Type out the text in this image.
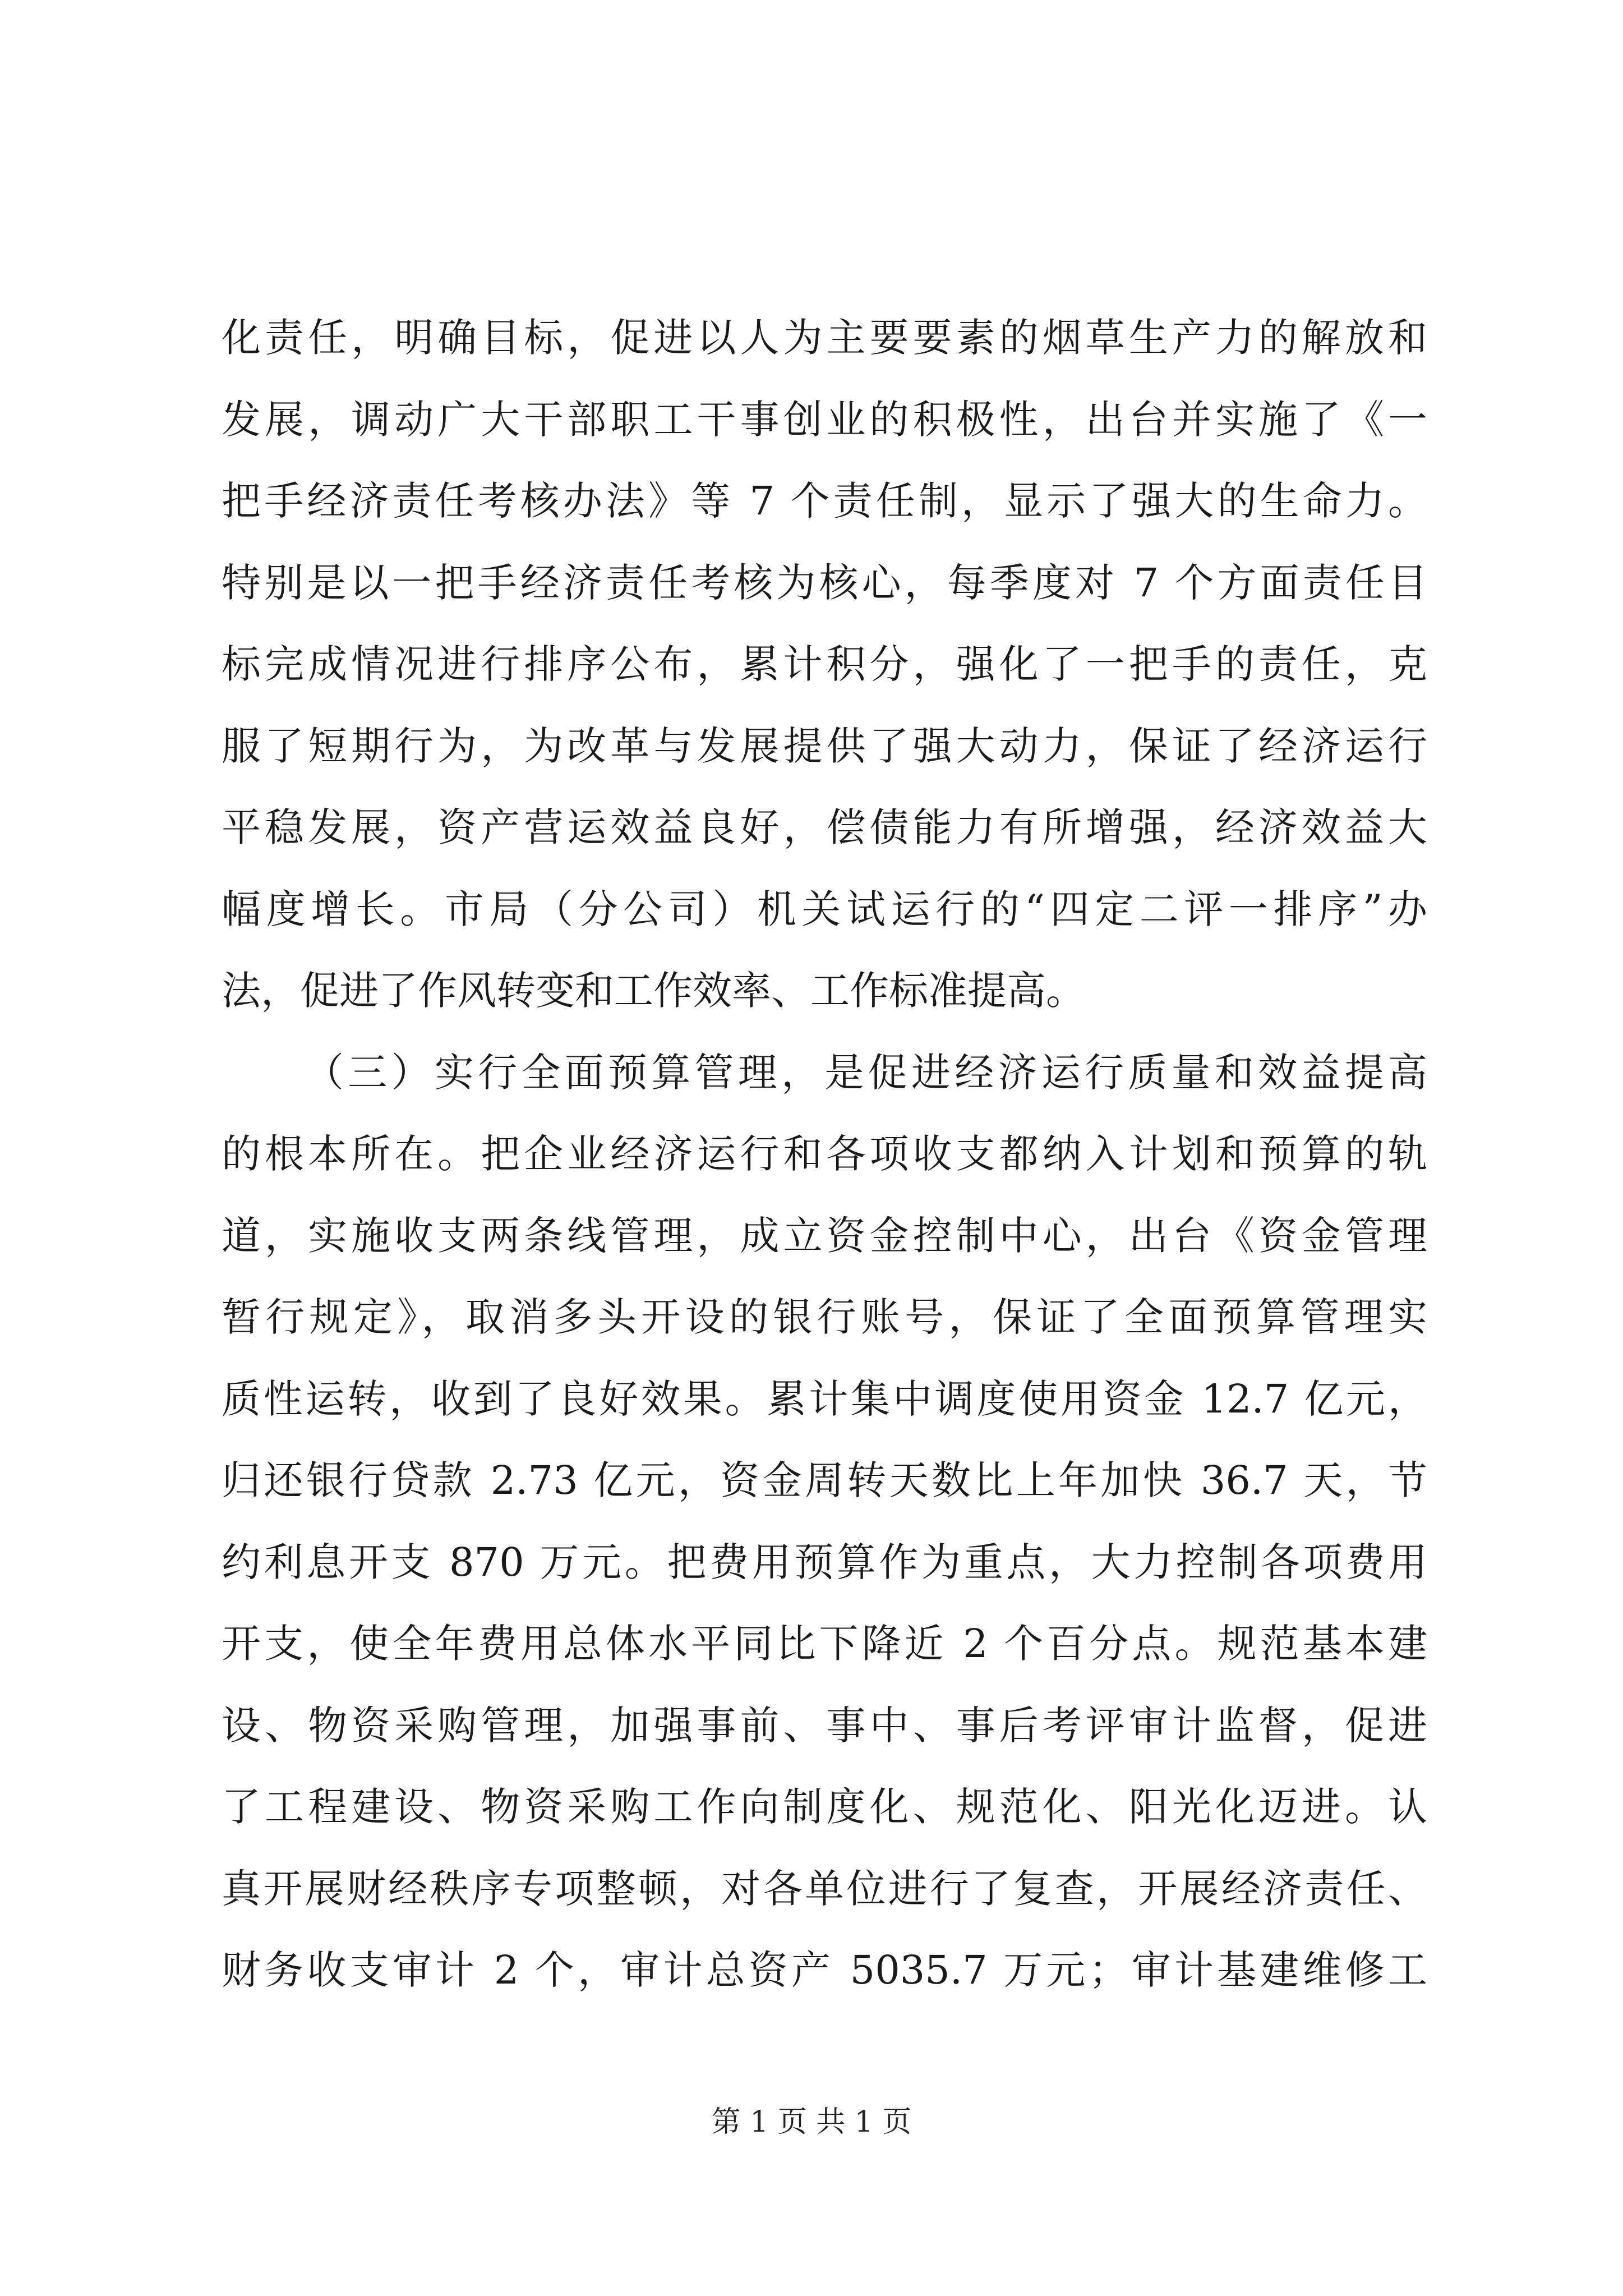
化责任，明确目标，促进以人为主要要素的烟草生产力的解放和
发展，调动广大干部职工干事创业的积极性，出台并实施了《一
把手经济责任考核办法》等 7 个责任制，显示了强大的生命力。
特别是以一把手经济责任考核为核心，每季度对 7 个方面责任目
标完成情况进行排序公布，累计积分，强化了一把手的责任，克
服了短期行为，为改革与发展提供了强大动力，保证了经济运行
平稳发展，资产营运效益良好，偿债能力有所增强，经济效益大
幅度增长。市局（分公司）机关试运行的“四定二评一排序”办
法，促进了作风转变和工作效率、工作标准提高。
（三）实行全面预算管理，是促进经济运行质量和效益提高
的根本所在。把企业经济运行和各项收支都纳入计划和预算的轨
道，实施收支两条线管理，成立资金控制中心，出台《资金管理
暂行规定》，取消多头开设的银行账号，保证了全面预算管理实
质性运转，收到了良好效果。累计集中调度使用资金 12.7 亿元，
归还银行贷款 2.73 亿元，资金周转天数比上年加快 36.7 天，节
约利息开支 870 万元。把费用预算作为重点，大力控制各项费用
开支，使全年费用总体水平同比下降近 2 个百分点。规范基本建
设、物资采购管理，加强事前、事中、事后考评审计监督，促进
了工程建设、物资采购工作向制度化、规范化、阳光化迈进。认
真开展财经秩序专项整顿，对各单位进行了复查，开展经济责任、
财务收支审计 2 个，审计总资产 5035.7 万元；审计基建维修工
第 1 页 共 1 页
